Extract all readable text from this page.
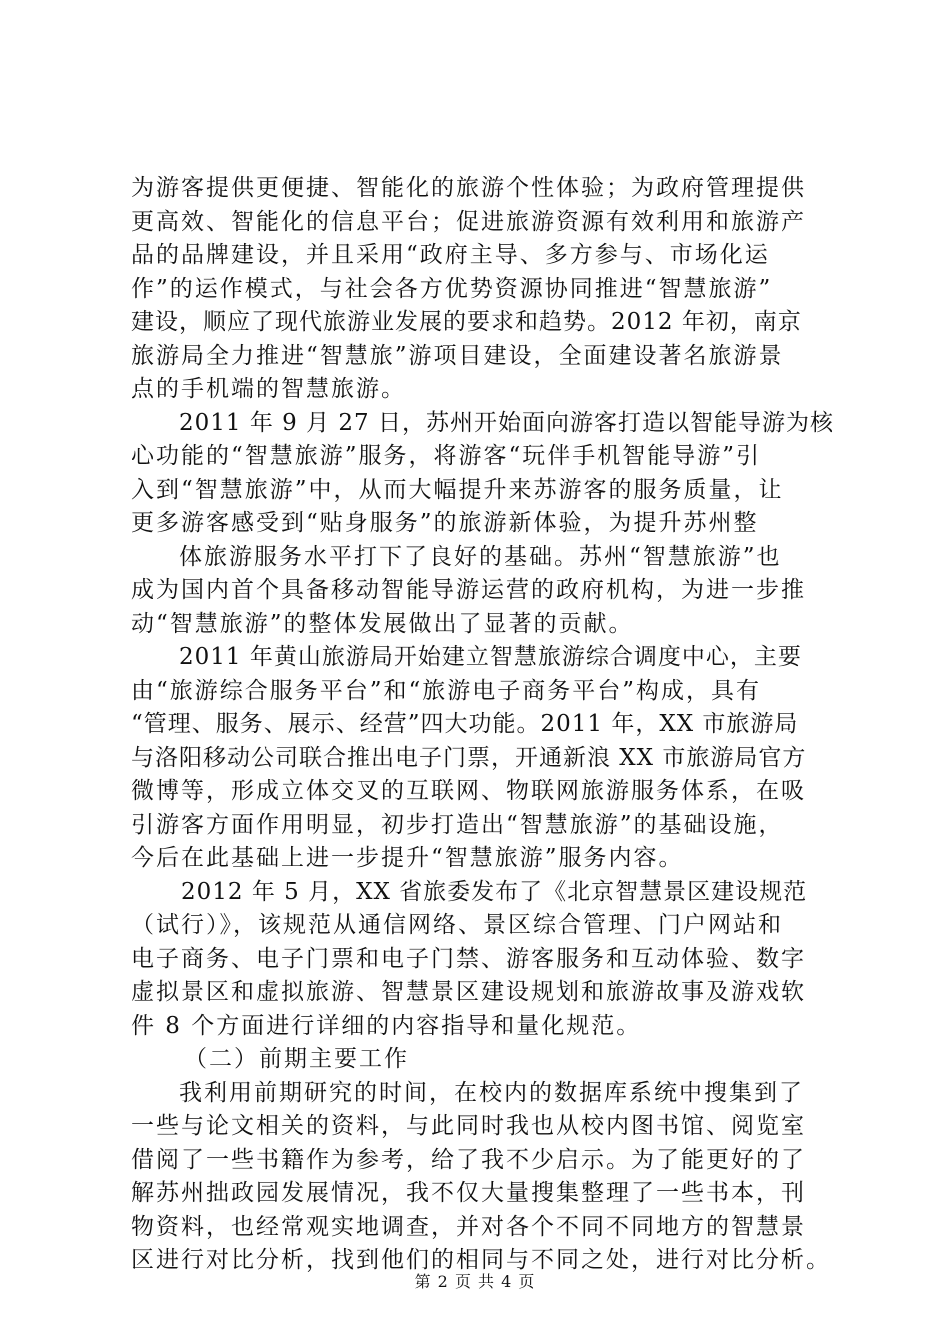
为游客提供更便捷、智能化的旅游个性体验；为政府管理提供
更高效、智能化的信息平台；促进旅游资源有效利用和旅游产
品的品牌建设，并且采用“政府主导、多方参与、市场化运
作”的运作模式，与社会各方优势资源协同推进“智慧旅游”
建设，顺应了现代旅游业发展的要求和趋势。2012 年初，南京
旅游局全力推进“智慧旅”游项目建设，全面建设著名旅游景
点的手机端的智慧旅游。
2011 年 9 月 27 日，苏州开始面向游客打造以智能导游为核
心功能的“智慧旅游”服务，将游客“玩伴手机智能导游”引
入到“智慧旅游”中，从而大幅提升来苏游客的服务质量，让
更多游客感受到“贴身服务”的旅游新体验，为提升苏州整
体旅游服务水平打下了良好的基础。苏州“智慧旅游”也
成为国内首个具备移动智能导游运营的政府机构，为进一步推
动“智慧旅游”的整体发展做出了显著的贡献。
2011 年黄山旅游局开始建立智慧旅游综合调度中心，主要
由“旅游综合服务平台”和“旅游电子商务平台”构成，具有
“管理、服务、展示、经营”四大功能。2011 年，XX 市旅游局
与洛阳移动公司联合推出电子门票，开通新浪 XX 市旅游局官方
微博等，形成立体交叉的互联网、物联网旅游服务体系，在吸
引游客方面作用明显，初步打造出“智慧旅游”的基础设施，
今后在此基础上进一步提升“智慧旅游”服务内容。
2012 年 5 月，XX 省旅委发布了《北京智慧景区建设规范
（试行）》，该规范从通信网络、景区综合管理、门户网站和
电子商务、电子门票和电子门禁、游客服务和互动体验、数字
虚拟景区和虚拟旅游、智慧景区建设规划和旅游故事及游戏软
件 8 个方面进行详细的内容指导和量化规范。
（二）前期主要工作
我利用前期研究的时间，在校内的数据库系统中搜集到了
一些与论文相关的资料，与此同时我也从校内图书馆、阅览室
借阅了一些书籍作为参考，给了我不少启示。为了能更好的了
解苏州拙政园发展情况，我不仅大量搜集整理了一些书本，刊
物资料，也经常观实地调查，并对各个不同不同地方的智慧景
区进行对比分析，找到他们的相同与不同之处，进行对比分析。
第 2 页 共 4 页
